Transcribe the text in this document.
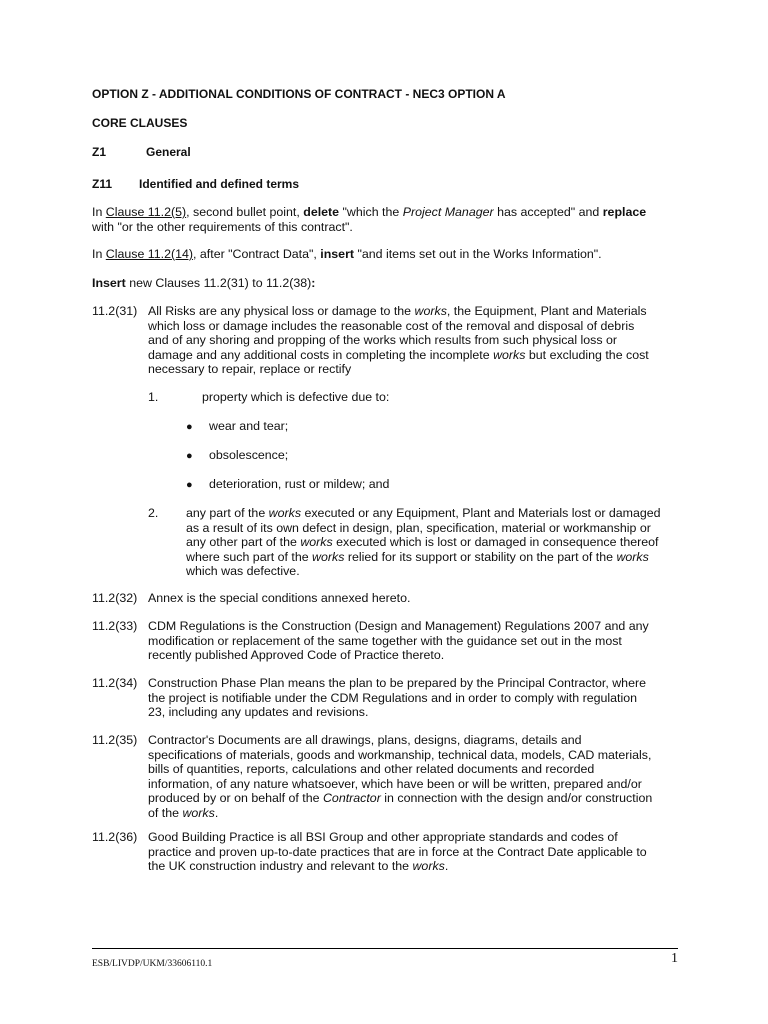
OPTION Z - ADDITIONAL CONDITIONS OF CONTRACT - NEC3 OPTION A
CORE CLAUSES
Z1	General
Z11 Identified and defined terms
In Clause 11.2(5), second bullet point, delete "which the Project Manager has accepted" and replace
with "or the other requirements of this contract".
In Clause 11.2(14), after "Contract Data", insert "and items set out in the Works Information".
Insert new Clauses 11.2(31) to 11.2(38):
11.2(31) All Risks are any physical loss or damage to the works, the Equipment, Plant and Materials
which loss or damage includes the reasonable cost of the removal and disposal of debris
and of any shoring and propping of the works which results from such physical loss or
damage and any additional costs in completing the incomplete works but excluding the cost
necessary to repair, replace or rectify
1.	property which is defective due to:
● wear and tear;
● obsolescence;
● deterioration, rust or mildew; and
2. any part of the works executed or any Equipment, Plant and Materials lost or damaged
as a result of its own defect in design, plan, specification, material or workmanship or
any other part of the works executed which is lost or damaged in consequence thereof
where such part of the works relied for its support or stability on the part of the works
which was defective.
11.2(32) Annex is the special conditions annexed hereto.
11.2(33) CDM Regulations is the Construction (Design and Management) Regulations 2007 and any
modification or replacement of the same together with the guidance set out in the most
recently published Approved Code of Practice thereto.
11.2(34) Construction Phase Plan means the plan to be prepared by the Principal Contractor, where
the project is notifiable under the CDM Regulations and in order to comply with regulation
23, including any updates and revisions.
11.2(35) Contractor's Documents are all drawings, plans, designs, diagrams, details and
specifications of materials, goods and workmanship, technical data, models, CAD materials,
bills of quantities, reports, calculations and other related documents and recorded
information, of any nature whatsoever, which have been or will be written, prepared and/or
produced by or on behalf of the Contractor in connection with the design and/or construction
of the works.
11.2(36) Good Building Practice is all BSI Group and other appropriate standards and codes of
practice and proven up-to-date practices that are in force at the Contract Date applicable to
the UK construction industry and relevant to the works.
ESB/LIVDP/UKM/33606110.1	1
